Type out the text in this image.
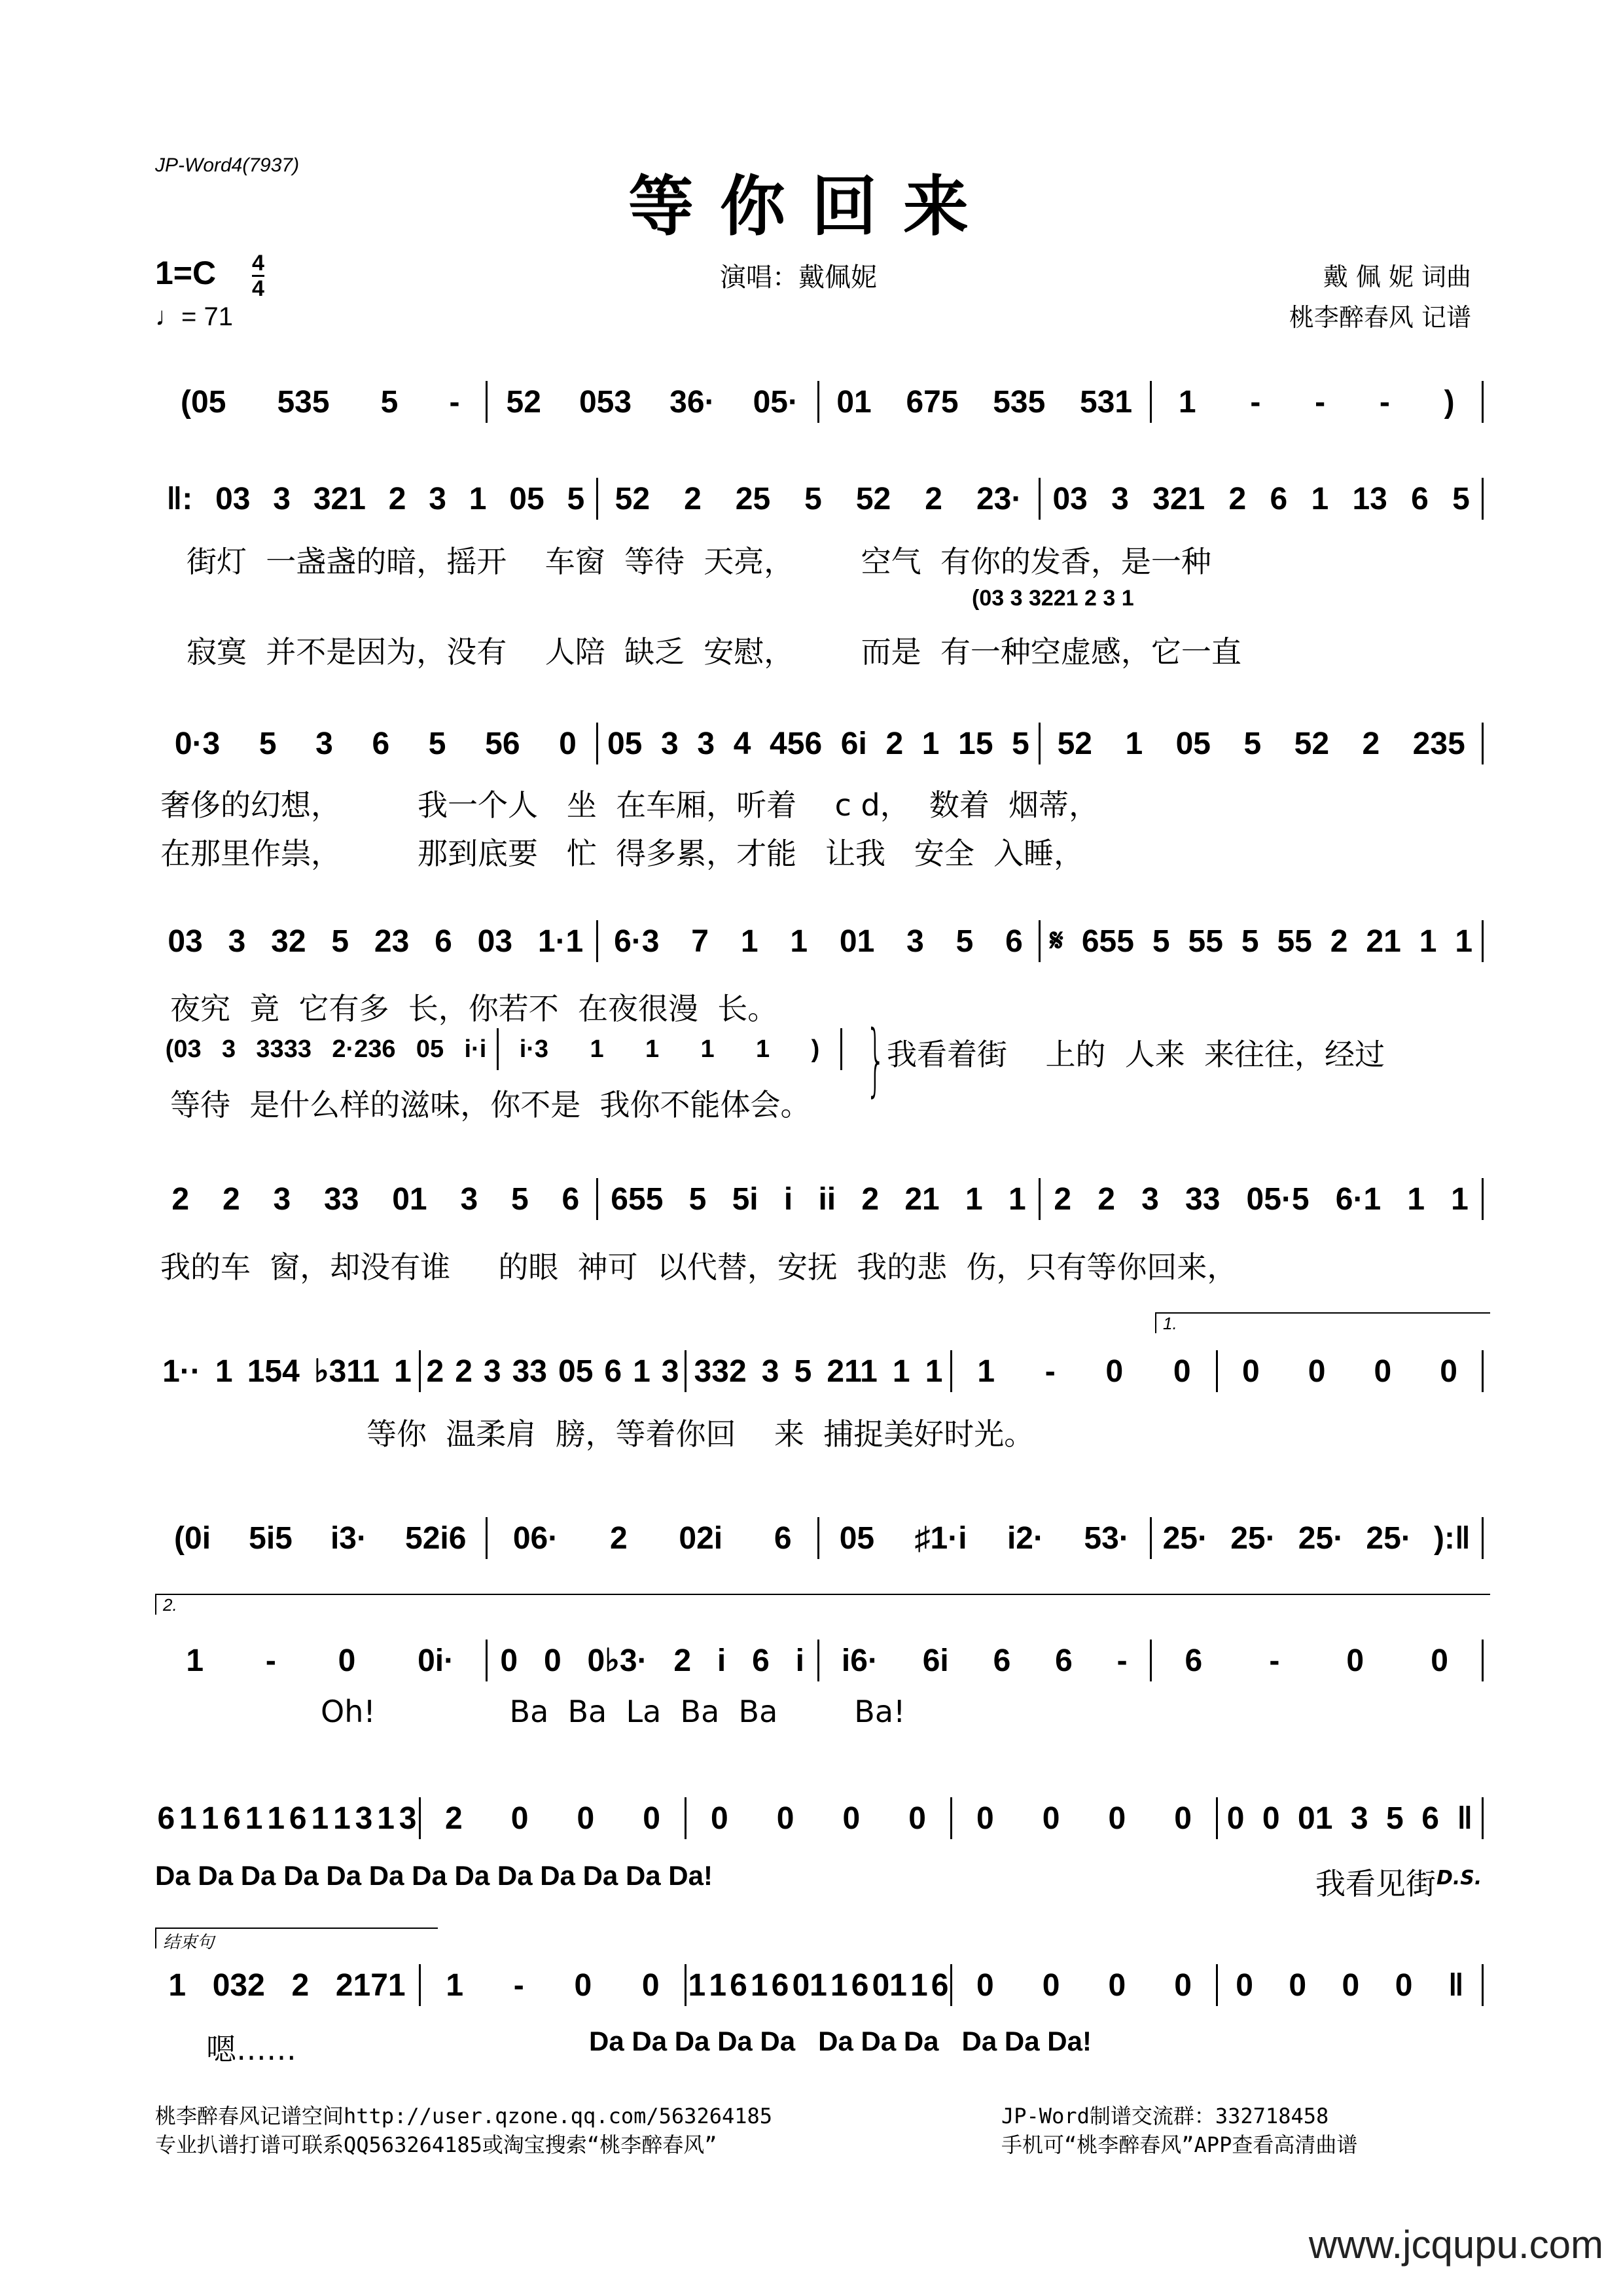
JP-Word4(7937)
等你回来
1=C 4
4
♩= 71
演唱：戴佩妮	戴 佩 妮 词曲
桃李醉春风 记谱
(05 535 5 - 52 053 36· 05· 01 675 535 531 1 - - - )
‖: 03 3 321 2 3 1 05 5 52 2 25 5 52 2 23· 03 3 321 2 6 1 13 6 5
0·3 5 3 6 5 56 0 05 3 3 4 456 6i 2 1 15 5 52 1 05 5 52 2 235
03 3 32 5 23 6 03 1·1 6·3 7 1 1 01 3 5 6 𝄋 655 5 55 5 55 2 21 1 1
2 2 3 33 01 3 5 6 655 5 5i i ii 2 21 1 1 2 2 3 33 05·5 6·1 1 1
1·· 1 154 ♭311 1 2 2 3 33 05 6 1 3 332 3 5 211 1 1 1 - 0 0 0 0 0 0
(0i 5i5 i3· 52i6 06· 2 02i 6 05 ♯1·i i2· 53· 25· 25· 25· 25· ):‖
1 - 0 0i· 0 0 0♭3· 2 i 6 i i6· 6i 6 6 - 6 - 0 0
6 1 1 6 1 1 6 1 1 3 1 3 2 0 0 0 0 0 0 0 0 0 0 0 0 0 01 3 5 6 ‖
1 032 2 2171 1 - 0 0 1 1 6 1 6 01 1 6 01 1 6 0 0 0 0 0 0 0 0 ‖
(03 3 3221 2 3 1
街灯  一盏盏的暗，摇开    车窗  等待  天亮，       空气  有你的发香，是一种
寂寞  并不是因为，没有    人陪  缺乏  安慰，       而是  有一种空虚感，它一直
奢侈的幻想，        我一个人   坐  在车厢，听着    c d，  数着  烟蒂，
在那里作祟，        那到底要   忙  得多累，才能   让我   安全  入睡，
夜究  竟  它有多  长，你若不  在夜很漫  长。
(03 3 3333 2·236 05 i·i i·3 1 1 1 1 ) } 我看着街    上的  人来  来往往，经过
等待  是什么样的滋味，你不是  我你不能体会。
我的车  窗，却没有谁     的眼  神可  以代替，安抚  我的悲  伤，只有等你回来，
等你  温柔肩  膀，等着你回    来  捕捉美好时光。
1.
2.
Oh!              Ba  Ba  La  Ba  Ba        Ba!
Da Da Da Da Da Da Da Da Da Da Da Da Da!	我看见街 D.S.
结束句
嗯……	Da Da Da Da Da   Da Da Da   Da Da Da!
桃李醉春风记谱空间http://user.qzone.qq.com/563264185
专业扒谱打谱可联系QQ563264185或淘宝搜索“桃李醉春风”
JP-Word制谱交流群：332718458
手机可“桃李醉春风”APP查看高清曲谱
www.jcqupu.com
